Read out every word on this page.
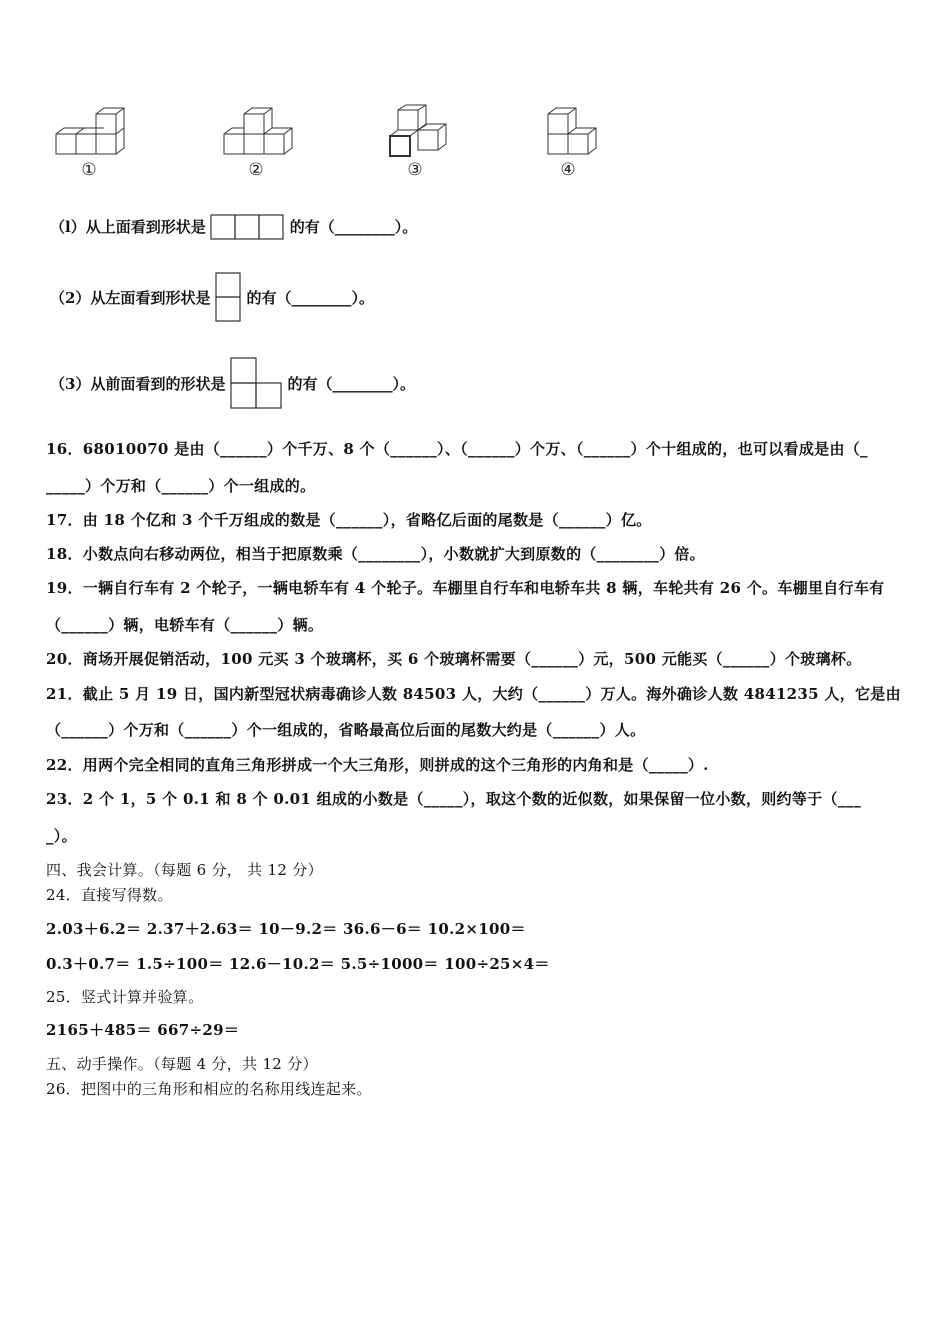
①	②	③	④
（l）从上面看到形状是	的有（________）。
（2）从左面看到形状是 的有（________）。
（3）从前面看到的形状是	的有（________）。
16．68010070 是由（______）个千万、8 个（______）、（______）个万、（______）个十组成的，也可以看成是由（_
_____）个万和（______）个一组成的。
17．由 18 个亿和 3 个千万组成的数是（______），省略亿后面的尾数是（______）亿。
18．小数点向右移动两位，相当于把原数乘（________），小数就扩大到原数的（________）倍。
19．一辆自行车有 2 个轮子，一辆电轿车有 4 个轮子。车棚里自行车和电轿车共 8 辆，车轮共有 26 个。车棚里自行车有
（______）辆，电轿车有（______）辆。
20．商场开展促销活动，100 元买 3 个玻璃杯，买 6 个玻璃杯需要（______）元，500 元能买（______）个玻璃杯。
21．截止 5 月 19 日，国内新型冠状病毒确诊人数 84503 人，大约（______）万人。海外确诊人数 4841235 人，它是由
（______）个万和（______）个一组成的，省略最高位后面的尾数大约是（______）人。
22．用两个完全相同的直角三角形拼成一个大三角形，则拼成的这个三角形的内角和是（_____）.
23．2 个 1，5 个 0.1 和 8 个 0.01 组成的小数是（_____），取这个数的近似数，如果保留一位小数，则约等于（___
_）。
四、我会计算。（每题 6 分， 共 12 分）
24．直接写得数。
2.03＋6.2＝ 2.37＋2.63＝ 10－9.2＝ 36.6－6＝ 10.2×100＝
0.3＋0.7＝ 1.5÷100＝ 12.6－10.2＝ 5.5÷1000＝ 100÷25×4＝
25．竖式计算并验算。
2165＋485＝ 667÷29＝
五、动手操作。（每题 4 分，共 12 分）
26．把图中的三角形和相应的名称用线连起来。
